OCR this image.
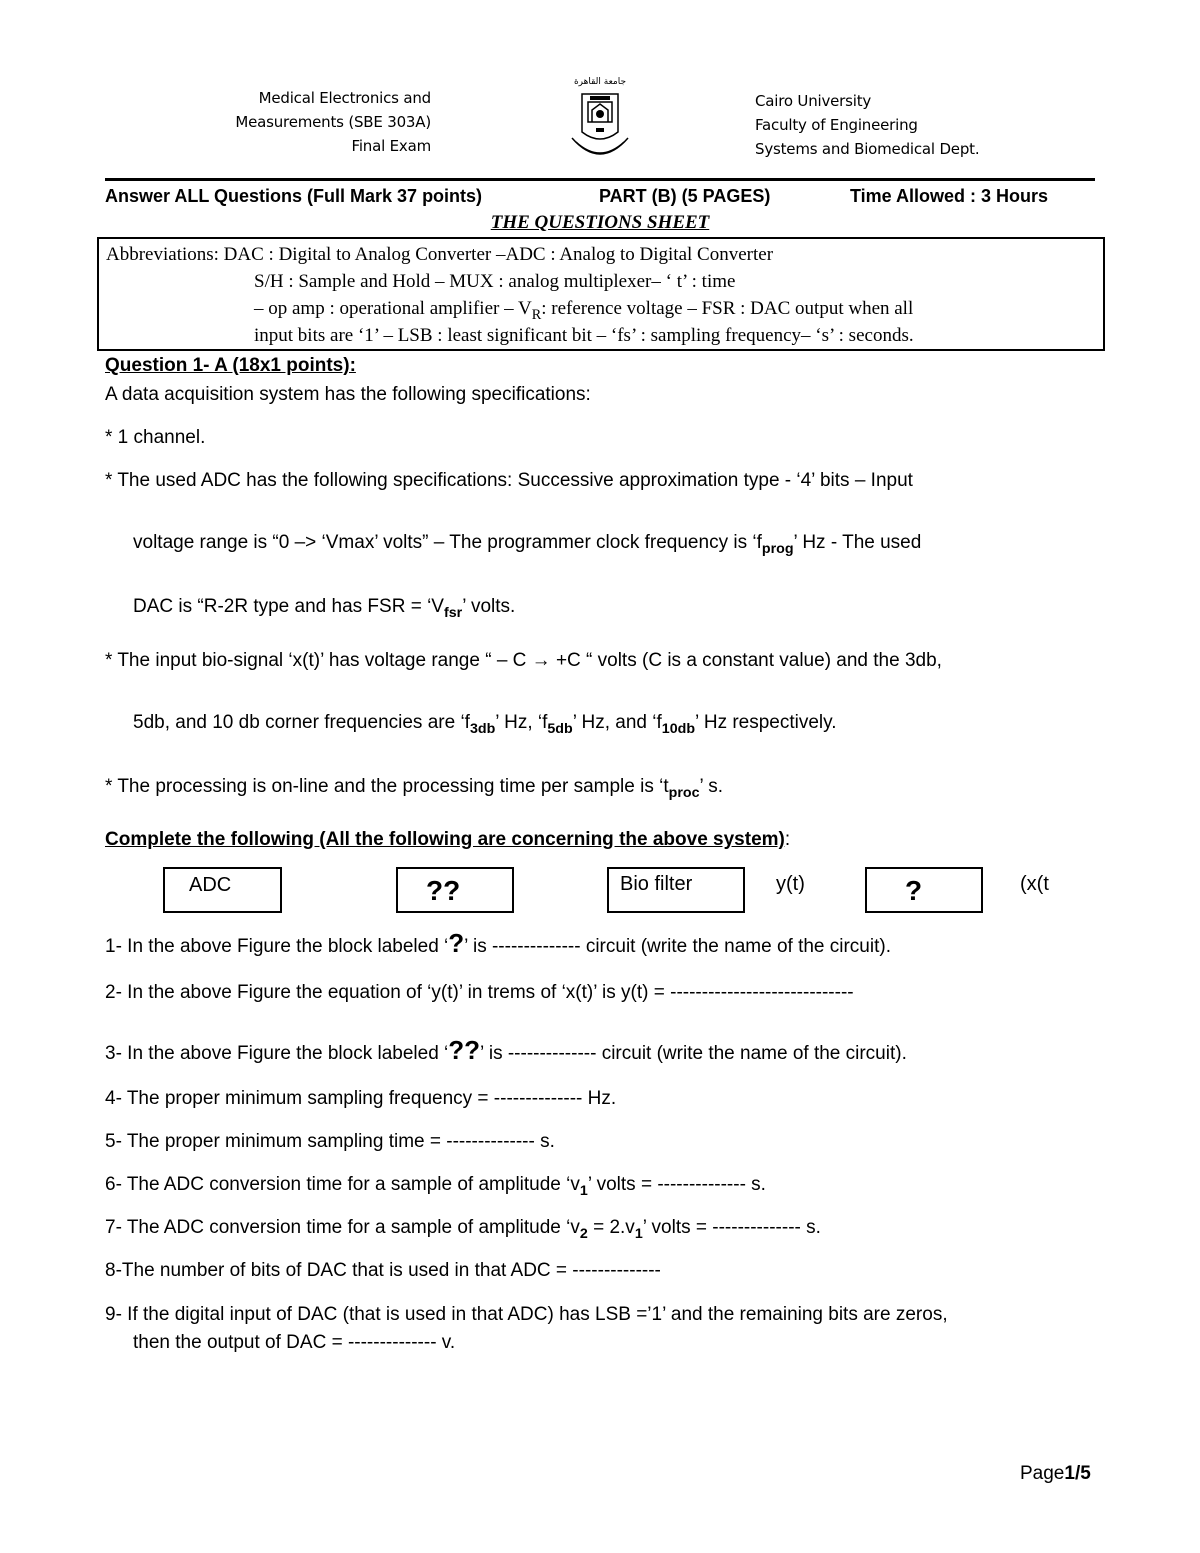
Medical Electronics and
Measurements (SBE 303A)
Final Exam
جامعة القاهرة
Cairo University
Faculty of Engineering
Systems and Biomedical Dept.
Answer ALL Questions (Full Mark 37 points)	PART (B) (5 PAGES)	Time Allowed : 3 Hours
THE QUESTIONS SHEET
Abbreviations: DAC : Digital to Analog Converter –ADC : Analog to Digital Converter
S/H : Sample and Hold – MUX : analog multiplexer– ‘ t’ : time
– op amp : operational amplifier – $V_R$: reference voltage – FSR : DAC output when all
input bits are ‘1’ – LSB : least significant bit – ‘fs’ : sampling frequency– ‘s’ : seconds.
Question 1- A (18x1 points):
A data acquisition system has the following specifications:
* 1 channel.
* The used ADC has the following specifications: Successive approximation type - ‘4’ bits – Input
voltage range is “0 –> ‘Vmax’ volts” – The programmer clock frequency is ‘$f_{prog}$’ Hz - The used
DAC is “R-2R type and has FSR = ‘$V_{fsr}$’ volts.
* The input bio-signal ‘x(t)’ has voltage range “ – C → +C “ volts (C is a constant value) and the 3db,
5db, and 10 db corner frequencies are ‘$f_{3db}$’ Hz, ‘$f_{5db}$’ Hz, and ‘$f_{10db}$’ Hz respectively.
* The processing is on-line and the processing time per sample is ‘$t_{proc}$’ s.
Complete the following (All the following are concerning the above system):
ADC	??	Bio filter	y(t)	?	(x(t
1- In the above Figure the block labeled ‘?’ is -------------- circuit (write the name of the circuit).
2- In the above Figure the equation of ‘y(t)’ in trems of ‘x(t)’ is y(t) = -----------------------------
3- In the above Figure the block labeled ‘??’ is -------------- circuit (write the name of the circuit).
4- The proper minimum sampling frequency = -------------- Hz.
5- The proper minimum sampling time = -------------- s.
6- The ADC conversion time for a sample of amplitude ‘$v_1$’ volts = -------------- s.
7- The ADC conversion time for a sample of amplitude ‘$v_2 = 2.v_1$’ volts = -------------- s.
8-The number of bits of DAC that is used in that ADC = --------------
9- If the digital input of DAC (that is used in that ADC) has LSB =’1’ and the remaining bits are zeros,
then the output of DAC = -------------- v.
Page1/5
